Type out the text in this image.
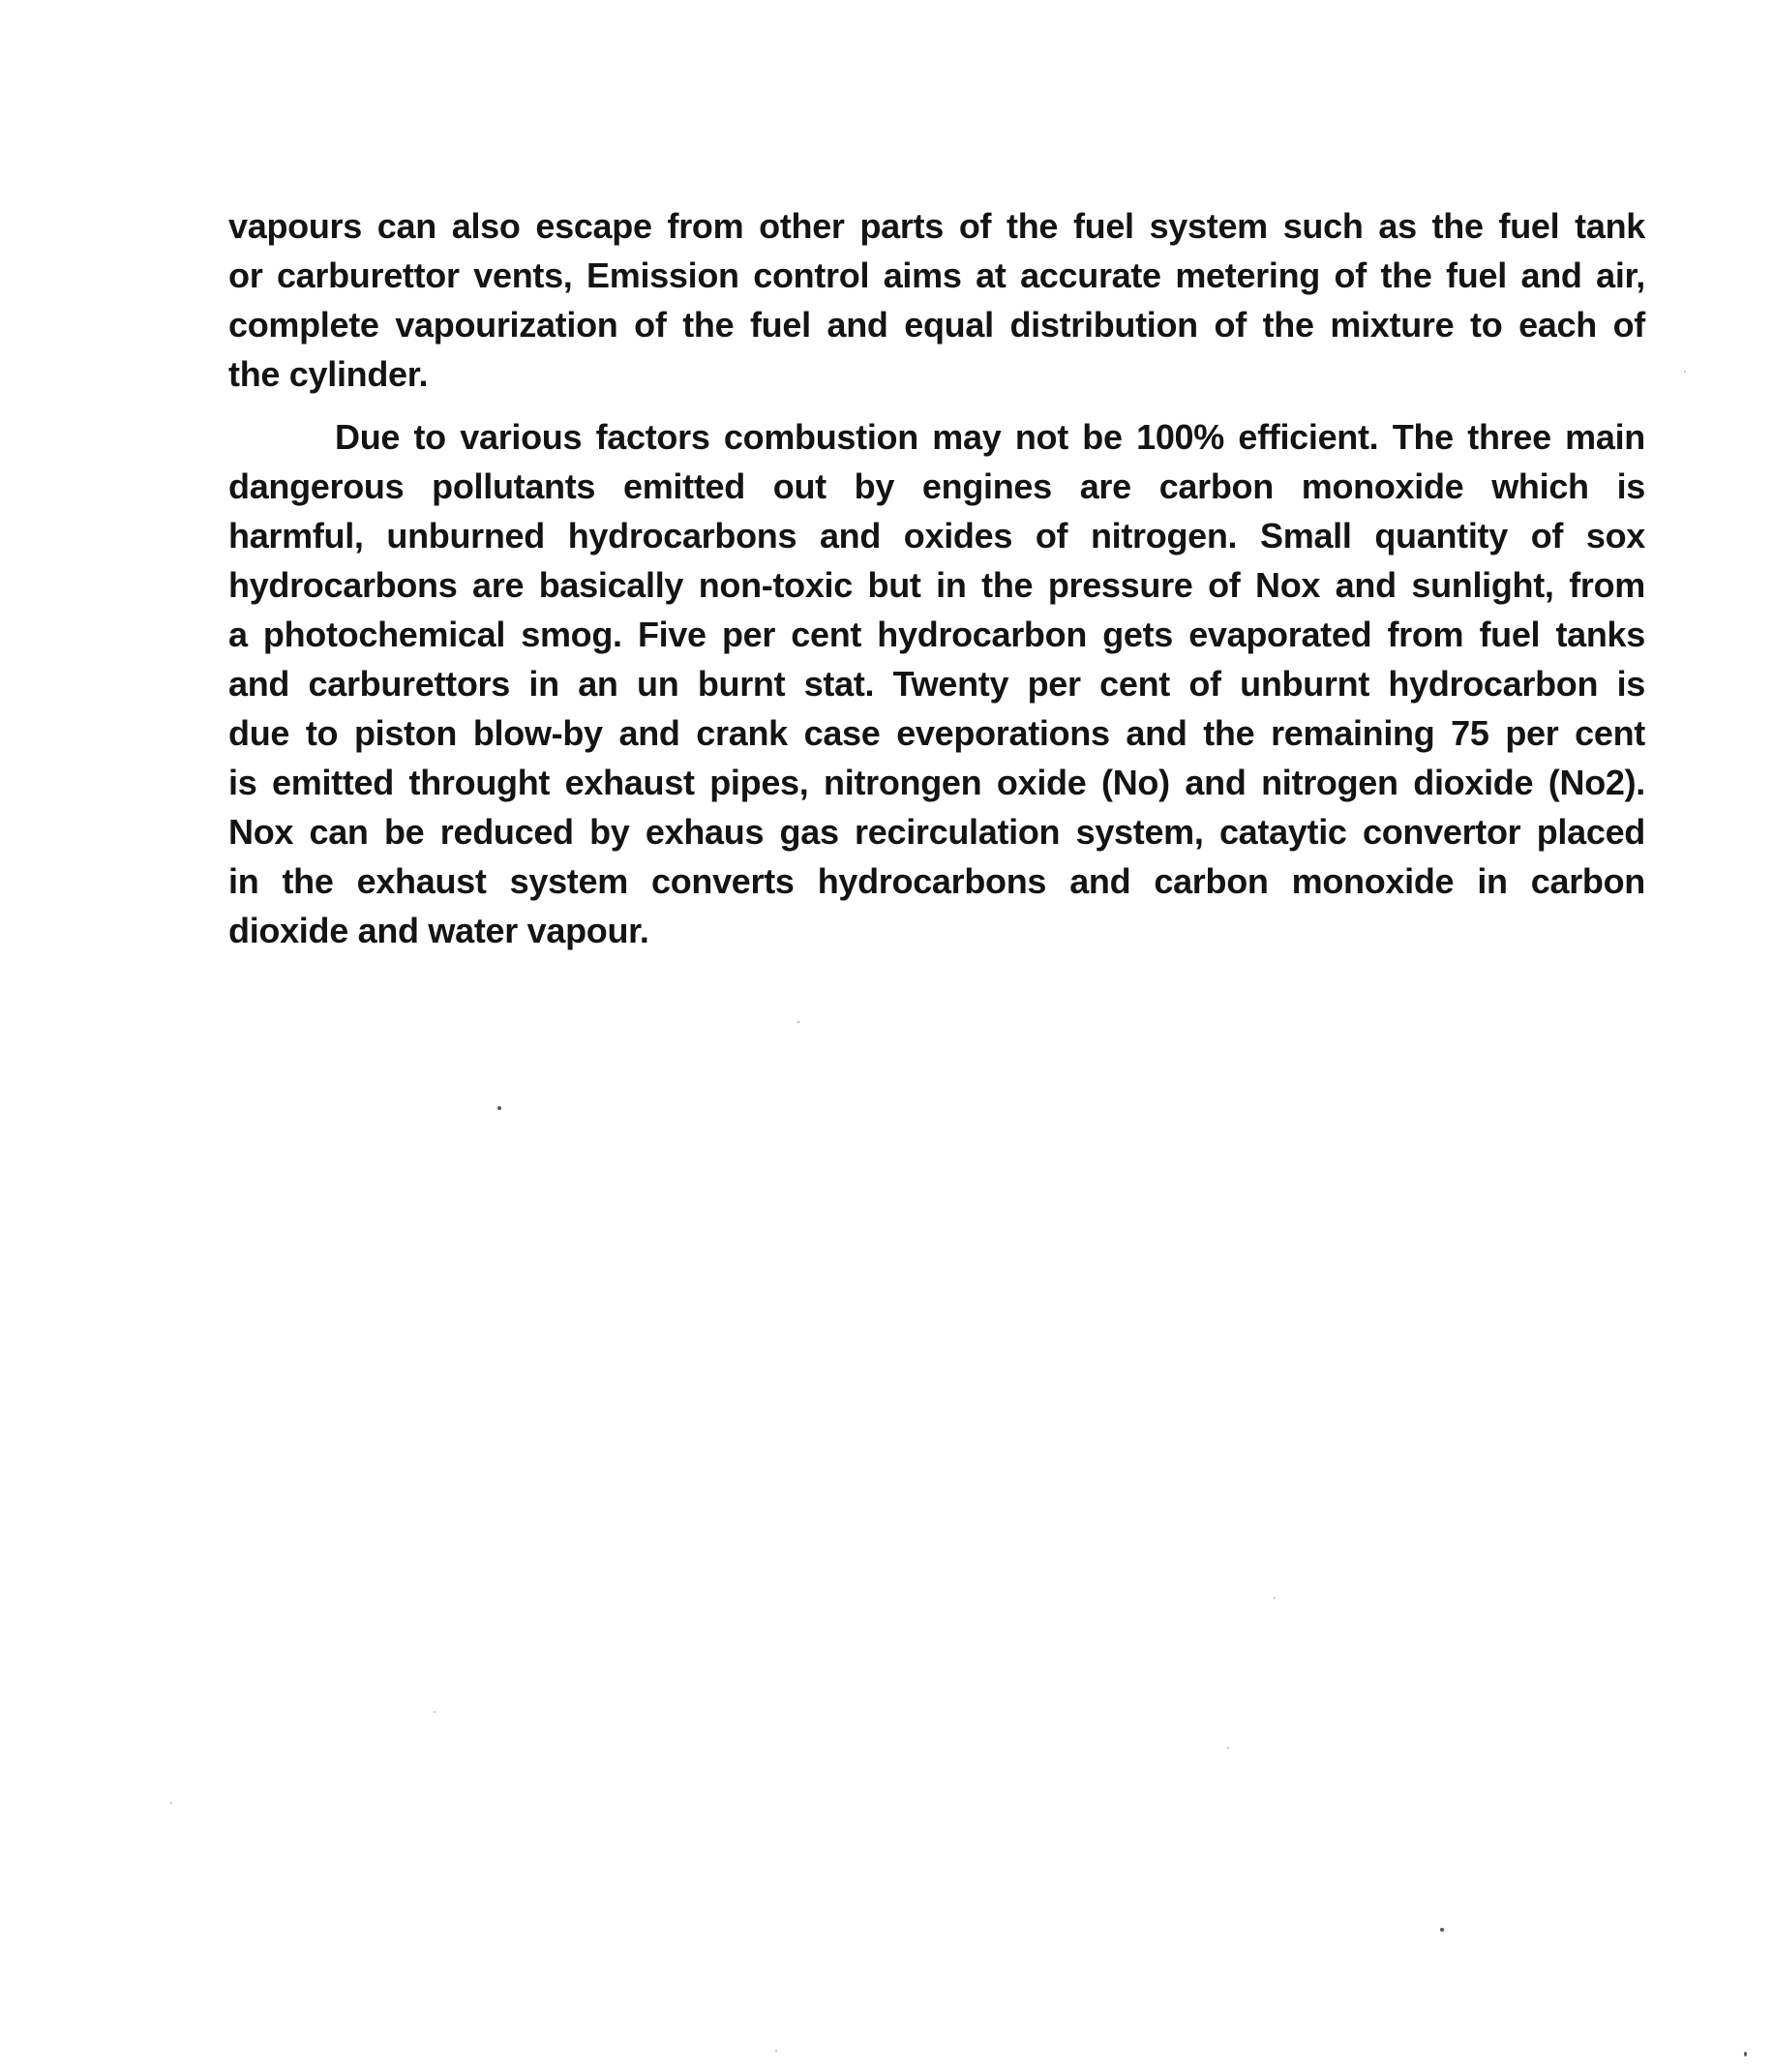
vapours can also escape from other parts of the fuel system such as the fuel tank
or carburettor vents, Emission control aims at accurate metering of the fuel and air,
complete vapourization of the fuel and equal distribution of the mixture to each of
the cylinder.

Due to various factors combustion may not be 100% efficient. The three main
dangerous pollutants emitted out by engines are carbon monoxide which is
harmful, unburned hydrocarbons and oxides of nitrogen. Small quantity of sox
hydrocarbons are basically non-toxic but in the pressure of Nox and sunlight, from
a photochemical smog. Five per cent hydrocarbon gets evaporated from fuel tanks
and carburettors in an un burnt stat. Twenty per cent of unburnt hydrocarbon is
due to piston blow-by and crank case eveporations and the remaining 75 per cent
is emitted throught exhaust pipes, nitrongen oxide (No) and nitrogen dioxide (No2).
Nox can be reduced by exhaus gas recirculation system, cataytic convertor placed
in the exhaust system converts hydrocarbons and carbon monoxide in carbon
dioxide and water vapour.
